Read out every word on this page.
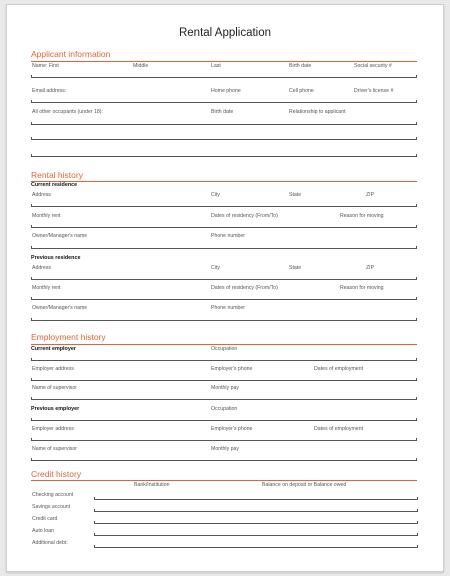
Rental Application
Applicant information
Name: First	Middle	Last	Birth date	Social security #
Email address:	Home phone	Cell phone	Driver's license #
All other occupants (under 18):	Birth date	Relationship to applicant
Rental history
Current residence
Address	City	State	ZIP
Monthly rent	Dates of residency (From/To)	Reason for moving
Owner/Manager's name	Phone number
Previous residence
Address	City	State	ZIP
Monthly rent	Dates of residency (From/To)	Reason for moving
Owner/Manager's name	Phone number
Employment history
Current employer	Occupation
Employer address	Employer's phone	Dates of employment
Name of supervisor	Monthly pay
Previous employer	Occupation
Employer address	Employer's phone	Dates of employment
Name of supervisor	Monthly pay
Credit history
Bank/Institution	Balance on deposit or Balance owed
Checking account
Savings account
Credit card
Auto loan
Additional debt:
